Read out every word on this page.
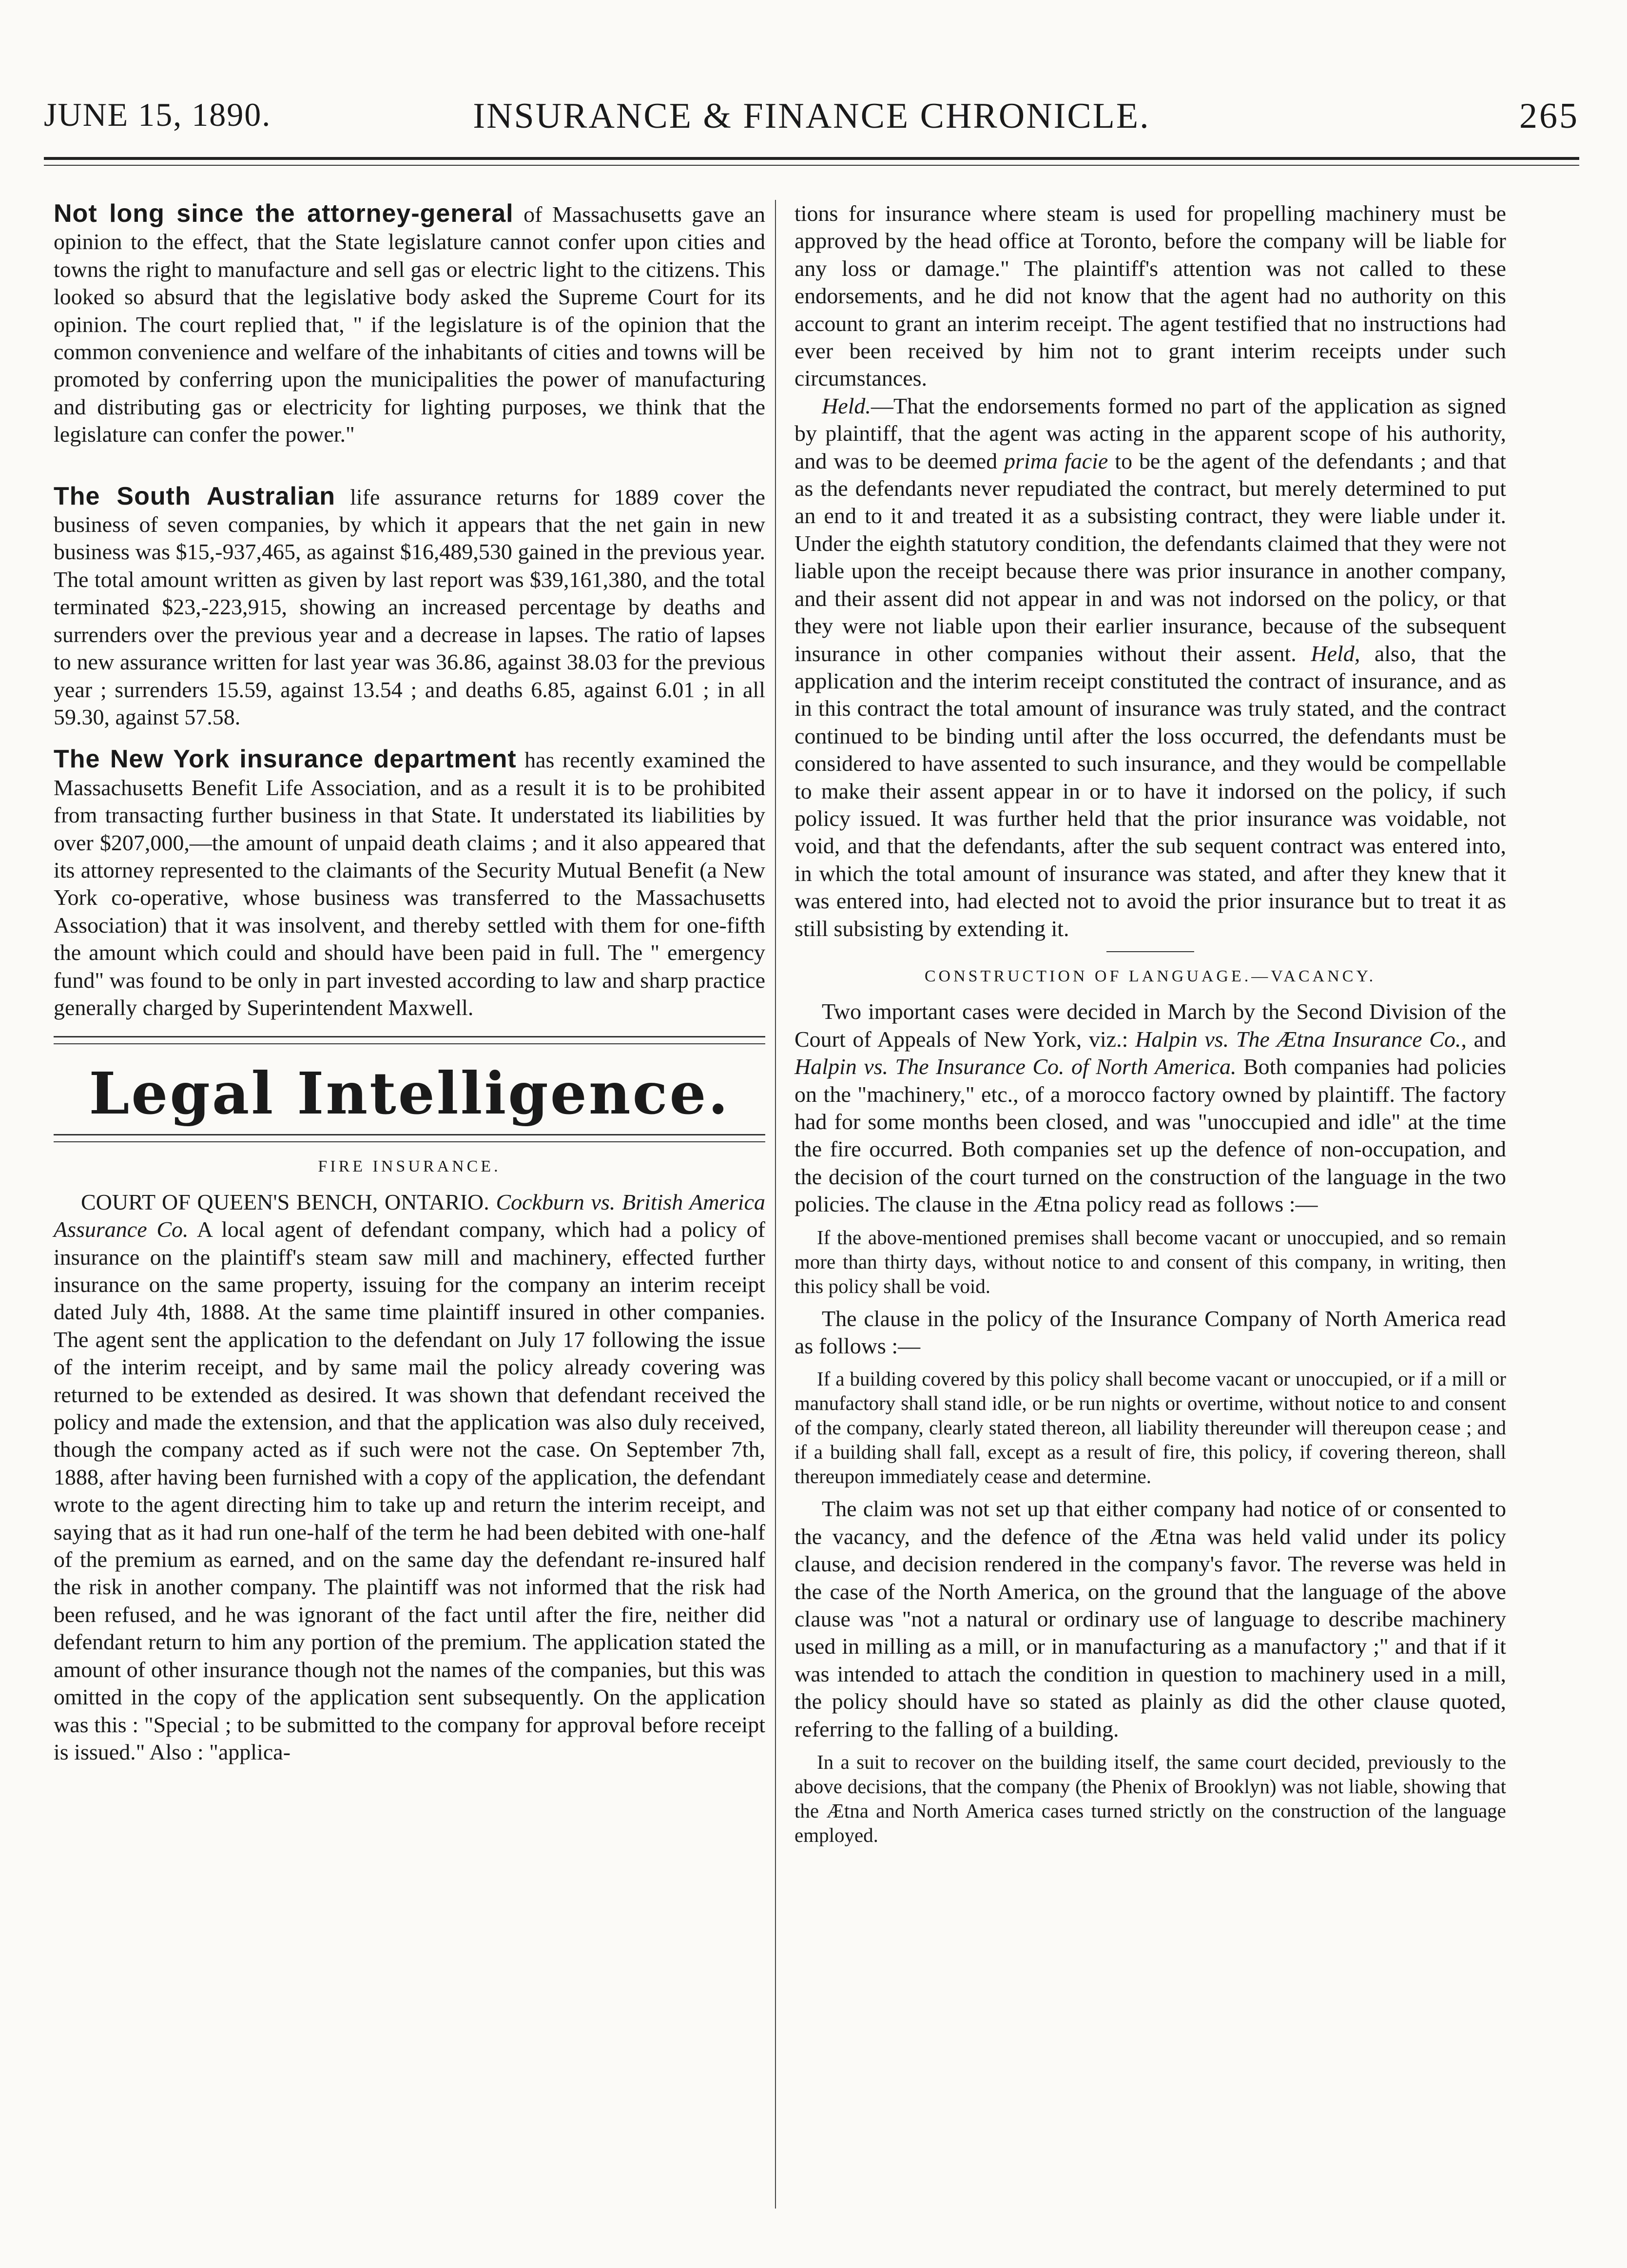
JUNE 15, 1890.	INSURANCE & FINANCE CHRONICLE.	265

Not long since the attorney-general of Massachusetts gave an opinion to the effect, that the State legislature cannot confer upon cities and towns the right to manufacture and sell gas or electric light to the citizens. This looked so absurd that the legislative body asked the Supreme Court for its opinion. The court replied that, " if the legislature is of the opinion that the common convenience and welfare of the inhabitants of cities and towns will be promoted by conferring upon the municipalities the power of manufacturing and distributing gas or electricity for lighting purposes, we think that the legislature can confer the power."

The South Australian life assurance returns for 1889 cover the business of seven companies, by which it appears that the net gain in new business was $15,-937,465, as against $16,489,530 gained in the previous year. The total amount written as given by last report was $39,161,380, and the total terminated $23,-223,915, showing an increased percentage by deaths and surrenders over the previous year and a decrease in lapses. The ratio of lapses to new assurance written for last year was 36.86, against 38.03 for the previous year ; surrenders 15.59, against 13.54 ; and deaths 6.85, against 6.01 ; in all 59.30, against 57.58.

The New York insurance department has recently examined the Massachusetts Benefit Life Association, and as a result it is to be prohibited from transacting further business in that State. It understated its liabilities by over $207,000,—the amount of unpaid death claims ; and it also appeared that its attorney represented to the claimants of the Security Mutual Benefit (a New York co-operative, whose business was transferred to the Massachusetts Association) that it was insolvent, and thereby settled with them for one-fifth the amount which could and should have been paid in full. The " emergency fund" was found to be only in part invested according to law and sharp practice generally charged by Superintendent Maxwell.

Legal Intelligence.
FIRE INSURANCE.

COURT OF QUEEN'S BENCH, ONTARIO. Cockburn vs. British America Assurance Co. A local agent of defendant company, which had a policy of insurance on the plaintiff's steam saw mill and machinery, effected further insurance on the same property, issuing for the company an interim receipt dated July 4th, 1888. At the same time plaintiff insured in other companies. The agent sent the application to the defendant on July 17 following the issue of the interim receipt, and by same mail the policy already covering was returned to be extended as desired. It was shown that defendant received the policy and made the extension, and that the application was also duly received, though the company acted as if such were not the case. On September 7th, 1888, after having been furnished with a copy of the application, the defendant wrote to the agent directing him to take up and return the interim receipt, and saying that as it had run one-half of the term he had been debited with one-half of the premium as earned, and on the same day the defendant re-insured half the risk in another company. The plaintiff was not informed that the risk had been refused, and he was ignorant of the fact until after the fire, neither did defendant return to him any portion of the premium. The application stated the amount of other insurance though not the names of the companies, but this was omitted in the copy of the application sent subsequently. On the application was this : "Special ; to be submitted to the company for approval before receipt is issued." Also : "applica-

tions for insurance where steam is used for propelling machinery must be approved by the head office at Toronto, before the company will be liable for any loss or damage." The plaintiff's attention was not called to these endorsements, and he did not know that the agent had no authority on this account to grant an interim receipt. The agent testified that no instructions had ever been received by him not to grant interim receipts under such circumstances.

Held.—That the endorsements formed no part of the application as signed by plaintiff, that the agent was acting in the apparent scope of his authority, and was to be deemed prima facie to be the agent of the defendants ; and that as the defendants never repudiated the contract, but merely determined to put an end to it and treated it as a subsisting contract, they were liable under it. Under the eighth statutory condition, the defendants claimed that they were not liable upon the receipt because there was prior insurance in another company, and their assent did not appear in and was not indorsed on the policy, or that they were not liable upon their earlier insurance, because of the subsequent insurance in other companies without their assent. Held, also, that the application and the interim receipt constituted the contract of insurance, and as in this contract the total amount of insurance was truly stated, and the contract continued to be binding until after the loss occurred, the defendants must be considered to have assented to such insurance, and they would be compellable to make their assent appear in or to have it indorsed on the policy, if such policy issued. It was further held that the prior insurance was voidable, not void, and that the defendants, after the sub sequent contract was entered into, in which the total amount of insurance was stated, and after they knew that it was entered into, had elected not to avoid the prior insurance but to treat it as still subsisting by extending it.

CONSTRUCTION OF LANGUAGE.—VACANCY.

Two important cases were decided in March by the Second Division of the Court of Appeals of New York, viz.: Halpin vs. The Ætna Insurance Co., and Halpin vs. The Insurance Co. of North America. Both companies had policies on the "machinery," etc., of a morocco factory owned by plaintiff. The factory had for some months been closed, and was "unoccupied and idle" at the time the fire occurred. Both companies set up the defence of non-occupation, and the decision of the court turned on the construction of the language in the two policies. The clause in the Ætna policy read as follows :—

If the above-mentioned premises shall become vacant or unoccupied, and so remain more than thirty days, without notice to and consent of this company, in writing, then this policy shall be void.

The clause in the policy of the Insurance Company of North America read as follows :—

If a building covered by this policy shall become vacant or unoccupied, or if a mill or manufactory shall stand idle, or be run nights or overtime, without notice to and consent of the company, clearly stated thereon, all liability thereunder will thereupon cease ; and if a building shall fall, except as a result of fire, this policy, if covering thereon, shall thereupon immediately cease and determine.

The claim was not set up that either company had notice of or consented to the vacancy, and the defence of the Ætna was held valid under its policy clause, and decision rendered in the company's favor. The reverse was held in the case of the North America, on the ground that the language of the above clause was "not a natural or ordinary use of language to describe machinery used in milling as a mill, or in manufacturing as a manufactory ;" and that if it was intended to attach the condition in question to machinery used in a mill, the policy should have so stated as plainly as did the other clause quoted, referring to the falling of a building.

In a suit to recover on the building itself, the same court decided, previously to the above decisions, that the company (the Phenix of Brooklyn) was not liable, showing that the Ætna and North America cases turned strictly on the construction of the language employed.
